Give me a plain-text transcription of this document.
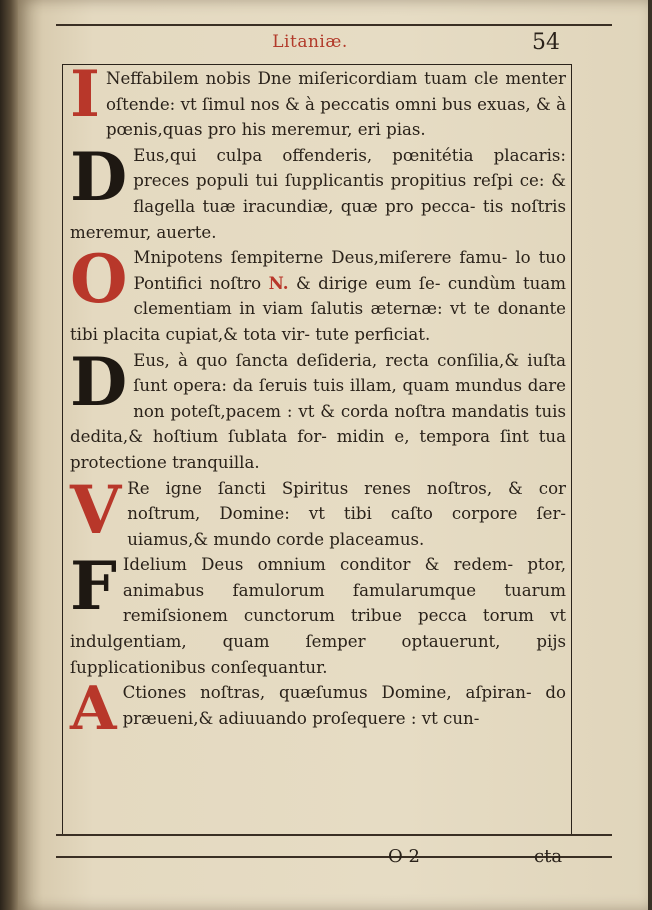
Litaniæ.	54
I Neffabilem nobis Dne miſericordiam tuam cle menter oſtende: vt ſimul nos & à peccatis omni bus exuas, & à pœnis,quas pro his meremur, eri pias.

D Eus,qui culpa offenderis, pœnitétia placaris: preces populi tui ſupplicantis propitius reſpi ce: & flagella tuæ iracundiæ, quæ pro pecca- tis noſtris meremur, auerte.

O Mnipotens ſempiterne Deus,miſerere famu- lo tuo Pontifici noſtro N. & dirige eum ſe- cundùm tuam clementiam in viam ſalutis æternæ: vt te donante tibi placita cupiat,& tota vir- tute perficiat.

D Eus, à quo ſancta deſideria, recta conſilia,& iuſta ſunt opera: da ſeruis tuis illam, quam mundus dare non poteſt,pacem : vt & corda noſtra mandatis tuis dedita,& hoſtium ſublata for- midin e, tempora ſint tua protectione tranquilla.

V Re igne ſancti Spiritus renes noſtros, & cor noſtrum, Domine: vt tibi caſto corpore ſer- uiamus,& mundo corde placeamus.

F Idelium Deus omnium conditor & redem- ptor, animabus famulorum famularumque tuarum remiſsionem cunctorum tribue pecca torum vt indulgentiam, quam ſemper optauerunt, pijs ſupplicationibus conſequantur.

A Ctiones noſtras, quæſumus Domine, aſpiran- do præueni,& adiuuando proſequere : vt cun-

O 2	cta
